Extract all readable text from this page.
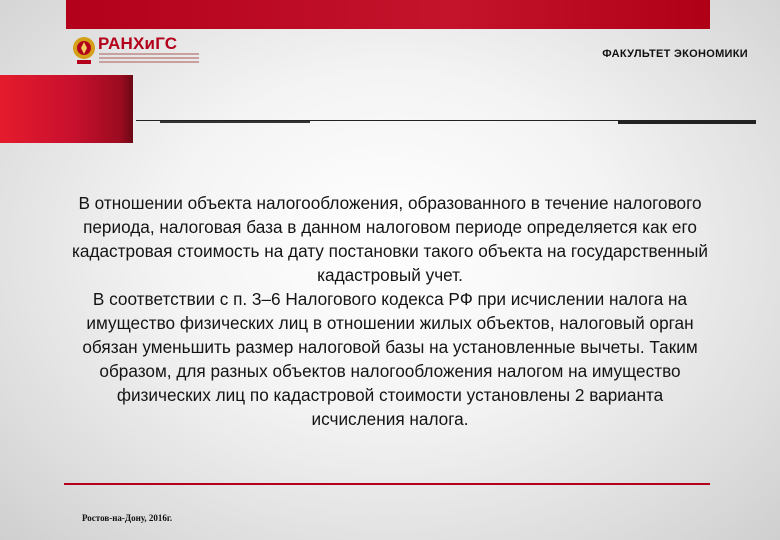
РАНХиГС
ФАКУЛЬТЕТ ЭКОНОМИКИ

В отношении объекта налогообложения, образованного в течение налогового периода, налоговая база в данном налоговом периоде определяется как его кадастровая стоимость на дату постановки такого объекта на государственный кадастровый учет.

В соответствии с п. 3–6 Налогового кодекса РФ при исчислении налога на имущество физических лиц в отношении жилых объектов, налоговый орган обязан уменьшить размер налоговой базы на установленные вычеты. Таким образом, для разных объектов налогообложения налогом на имущество физических лиц по кадастровой стоимости установлены 2 варианта исчисления налога.

Ростов-на-Дону, 2016г.
